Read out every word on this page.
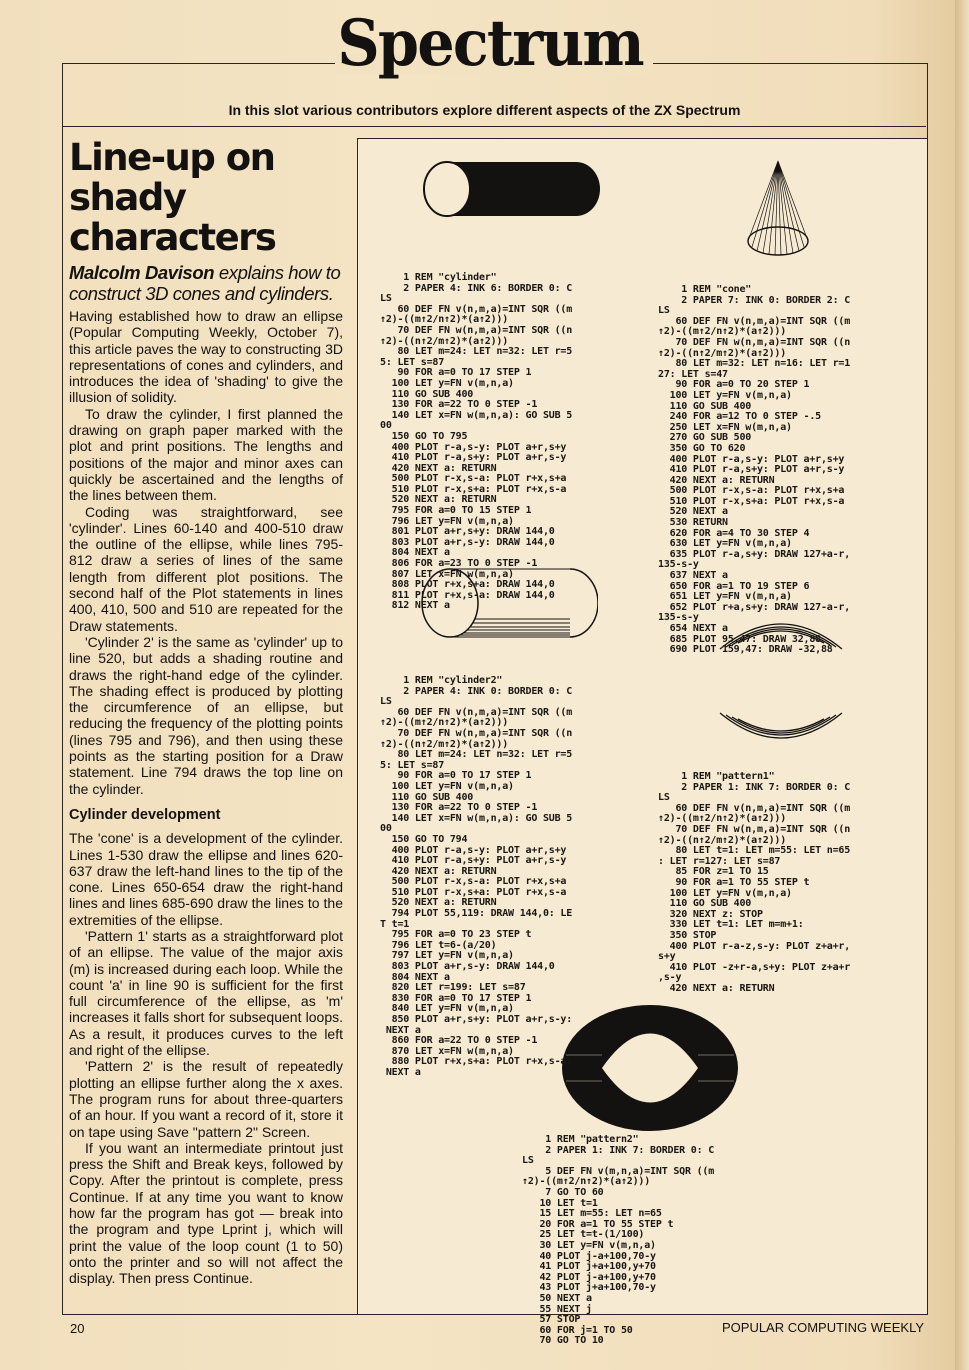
Spectrum
In this slot various contributors explore different aspects of the ZX Spectrum
Line-up on
shady
characters
Malcolm Davison explains how to construct 3D cones and cylinders.

Having established how to draw an ellipse (Popular Computing Weekly, October 7), this article paves the way to constructing 3D representations of cones and cylinders, and introduces the idea of 'shading' to give the illusion of solidity.

To draw the cylinder, I first planned the drawing on graph paper marked with the plot and print positions. The lengths and positions of the major and minor axes can quickly be ascertained and the lengths of the lines between them.

Coding was straightforward, see 'cylinder'. Lines 60-140 and 400-510 draw the outline of the ellipse, while lines 795-812 draw a series of lines of the same length from different plot positions. The second half of the Plot statements in lines 400, 410, 500 and 510 are repeated for the Draw statements.

'Cylinder 2' is the same as 'cylinder' up to line 520, but adds a shading routine and draws the right-hand edge of the cylinder. The shading effect is produced by plotting the circumference of an ellipse, but reducing the frequency of the plotting points (lines 795 and 796), and then using these points as the starting position for a Draw statement. Line 794 draws the top line on the cylinder.

Cylinder development

The 'cone' is a development of the cylinder. Lines 1-530 draw the ellipse and lines 620-637 draw the left-hand lines to the tip of the cone. Lines 650-654 draw the right-hand lines and lines 685-690 draw the lines to the extremities of the ellipse.

'Pattern 1' starts as a straightforward plot of an ellipse. The value of the major axis (m) is increased during each loop. While the count 'a' in line 90 is sufficient for the first full circumference of the ellipse, as 'm' increases it falls short for subsequent loops. As a result, it produces curves to the left and right of the ellipse.

'Pattern 2' is the result of repeatedly plotting an ellipse further along the x axes. The program runs for about three-quarters of an hour. If you want a record of it, store it on tape using Save "pattern 2" Screen.

If you want an intermediate printout just press the Shift and Break keys, followed by Copy. After the printout is complete, press Continue. If at any time you want to know how far the program has got — break into the program and type Lprint j, which will print the value of the loop count (1 to 50) onto the printer and so will not affect the display. Then press Continue.

1 REM "cylinder"
2 PAPER 4: INK 6: BORDER 0: C
LS
60 DEF FN v(n,m,a)=INT SQR ((m
↑2)-((m↑2/n↑2)*(a↑2)))
70 DEF FN w(n,m,a)=INT SQR ((n
↑2)-((n↑2/m↑2)*(a↑2)))
80 LET m=24: LET n=32: LET r=5
5: LET s=87
90 FOR a=0 TO 17 STEP 1
100 LET y=FN v(m,n,a)
110 GO SUB 400
130 FOR a=22 TO 0 STEP -1
140 LET x=FN w(m,n,a): GO SUB 5
00
150 GO TO 795
400 PLOT r-a,s-y: PLOT a+r,s+y
410 PLOT r-a,s+y: PLOT a+r,s-y
420 NEXT a: RETURN
500 PLOT r-x,s-a: PLOT r+x,s+a
510 PLOT r-x,s+a: PLOT r+x,s-a
520 NEXT a: RETURN
795 FOR a=0 TO 15 STEP 1
796 LET y=FN v(m,n,a)
801 PLOT a+r,s+y: DRAW 144,0
803 PLOT a+r,s-y: DRAW 144,0
804 NEXT a
806 FOR a=23 TO 0 STEP -1
807 LET x=FN w(m,n,a)
808 PLOT r+x,s+a: DRAW 144,0
811 PLOT r+x,s-a: DRAW 144,0
812 NEXT a
1 REM "cone"
2 PAPER 7: INK 0: BORDER 2: C
LS
60 DEF FN v(n,m,a)=INT SQR ((m
↑2)-((m↑2/n↑2)*(a↑2)))
70 DEF FN w(n,m,a)=INT SQR ((n
↑2)-((n↑2/m↑2)*(a↑2)))
80 LET m=32: LET n=16: LET r=1
27: LET s=47
90 FOR a=0 TO 20 STEP 1
100 LET y=FN v(m,n,a)
110 GO SUB 400
240 FOR a=12 TO 0 STEP -.5
250 LET x=FN w(m,n,a)
270 GO SUB 500
350 GO TO 620
400 PLOT r-a,s-y: PLOT a+r,s+y
410 PLOT r-a,s+y: PLOT a+r,s-y
420 NEXT a: RETURN
500 PLOT r-x,s-a: PLOT r+x,s+a
510 PLOT r-x,s+a: PLOT r+x,s-a
520 NEXT a
530 RETURN
620 FOR a=4 TO 30 STEP 4
630 LET y=FN v(m,n,a)
635 PLOT r-a,s+y: DRAW 127+a-r,
135-s-y
637 NEXT a
650 FOR a=1 TO 19 STEP 6
651 LET y=FN v(m,n,a)
652 PLOT r+a,s+y: DRAW 127-a-r,
135-s-y
654 NEXT a
685 PLOT 95,47: DRAW 32,88
690 PLOT 159,47: DRAW -32,88
1 REM "cylinder2"
2 PAPER 4: INK 0: BORDER 0: C
LS
60 DEF FN v(n,m,a)=INT SQR ((m
↑2)-((m↑2/n↑2)*(a↑2)))
70 DEF FN w(n,m,a)=INT SQR ((n
↑2)-((n↑2/m↑2)*(a↑2)))
80 LET m=24: LET n=32: LET r=5
5: LET s=87
90 FOR a=0 TO 17 STEP 1
100 LET y=FN v(m,n,a)
110 GO SUB 400
130 FOR a=22 TO 0 STEP -1
140 LET x=FN w(m,n,a): GO SUB 5
00
150 GO TO 794
400 PLOT r-a,s-y: PLOT a+r,s+y
410 PLOT r-a,s+y: PLOT a+r,s-y
420 NEXT a: RETURN
500 PLOT r-x,s-a: PLOT r+x,s+a
510 PLOT r-x,s+a: PLOT r+x,s-a
520 NEXT a: RETURN
794 PLOT 55,119: DRAW 144,0: LE
T t=1
795 FOR a=0 TO 23 STEP t
796 LET t=6-(a/20)
797 LET y=FN v(m,n,a)
803 PLOT a+r,s-y: DRAW 144,0
804 NEXT a
820 LET r=199: LET s=87
830 FOR a=0 TO 17 STEP 1
840 LET y=FN v(m,n,a)
850 PLOT a+r,s+y: PLOT a+r,s-y:
NEXT a
860 FOR a=22 TO 0 STEP -1
870 LET x=FN w(m,n,a)
880 PLOT r+x,s+a: PLOT r+x,s-a:
NEXT a
1 REM "pattern1"
2 PAPER 1: INK 7: BORDER 0: C
LS
60 DEF FN v(n,m,a)=INT SQR ((m
↑2)-((m↑2/n↑2)*(a↑2)))
70 DEF FN w(n,m,a)=INT SQR ((n
↑2)-((n↑2/m↑2)*(a↑2)))
80 LET t=1: LET m=55: LET n=65
: LET r=127: LET s=87
85 FOR z=1 TO 15
90 FOR a=1 TO 55 STEP t
100 LET y=FN v(m,n,a)
110 GO SUB 400
320 NEXT z: STOP
330 LET t=1: LET m=m+1:
350 STOP
400 PLOT r-a-z,s-y: PLOT z+a+r,
s+y
410 PLOT -z+r-a,s+y: PLOT z+a+r
,s-y
420 NEXT a: RETURN
1 REM "pattern2"
2 PAPER 1: INK 7: BORDER 0: C
LS
5 DEF FN v(m,n,a)=INT SQR ((m
↑2)-((m↑2/n↑2)*(a↑2)))
7 GO TO 60
10 LET t=1
15 LET m=55: LET n=65
20 FOR a=1 TO 55 STEP t
25 LET t=t-(1/100)
30 LET y=FN v(m,n,a)
40 PLOT j-a+100,70-y
41 PLOT j+a+100,y+70
42 PLOT j-a+100,y+70
43 PLOT j+a+100,70-y
50 NEXT a
55 NEXT j
57 STOP
60 FOR j=1 TO 50
70 GO TO 10
20	POPULAR COMPUTING WEEKLY
